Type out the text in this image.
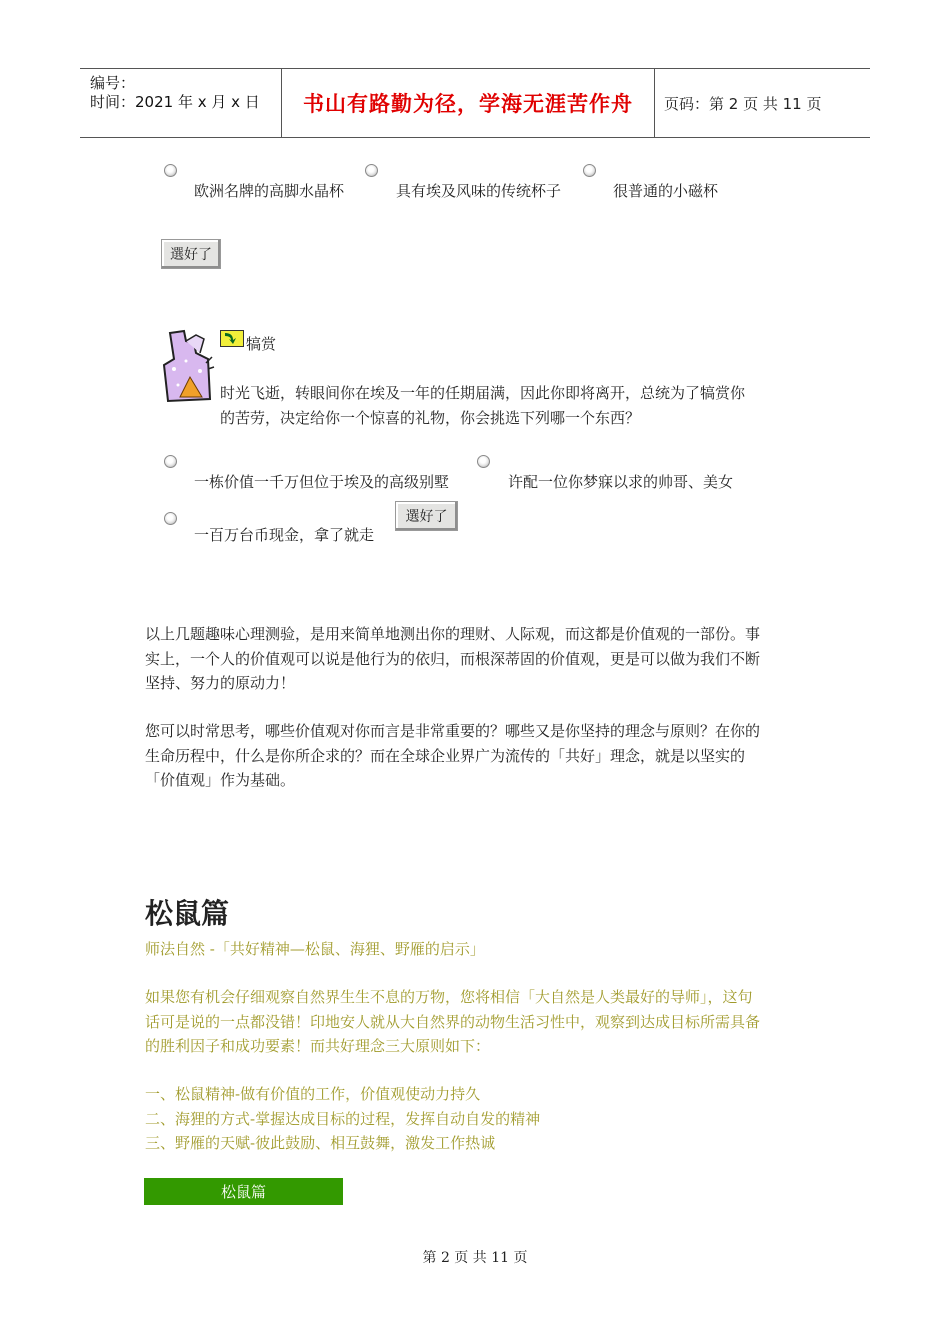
编号：
时间：2021 年 x 月 x 日 书山有路勤为径，学海无涯苦作舟	页码：第 2 页 共 11 页
欧洲名牌的高脚水晶杯	具有埃及风味的传统杯子	很普通的小磁杯
選好了
犒赏
时光飞逝，转眼间你在埃及一年的任期届满，因此你即将离开，总统为了犒赏你
的苦劳，决定给你一个惊喜的礼物，你会挑选下列哪一个东西？
一栋价值一千万但位于埃及的高级别墅	许配一位你梦寐以求的帅哥、美女
一百万台币现金，拿了就走
選好了
以上几题趣味心理测验，是用来简单地测出你的理财、人际观，而这都是价值观的一部份。事
实上，一个人的价值观可以说是他行为的依归，而根深蒂固的价值观，更是可以做为我们不断
坚持、努力的原动力！
您可以时常思考，哪些价值观对你而言是非常重要的？哪些又是你坚持的理念与原则？在你的
生命历程中，什么是你所企求的？而在全球企业界广为流传的「共好」理念，就是以坚实的
「价值观」作为基础。
松鼠篇
师法自然 -「共好精神—松鼠、海狸、野雁的启示」
如果您有机会仔细观察自然界生生不息的万物，您将相信「大自然是人类最好的导师」，这句
话可是说的一点都没错！印地安人就从大自然界的动物生活习性中，观察到达成目标所需具备
的胜利因子和成功要素！而共好理念三大原则如下：
一、松鼠精神-做有价值的工作，价值观使动力持久
二、海狸的方式-掌握达成目标的过程，发挥自动自发的精神
三、野雁的天赋-彼此鼓励、相互鼓舞，激发工作热诚
松鼠篇
第 2 页 共 11 页
